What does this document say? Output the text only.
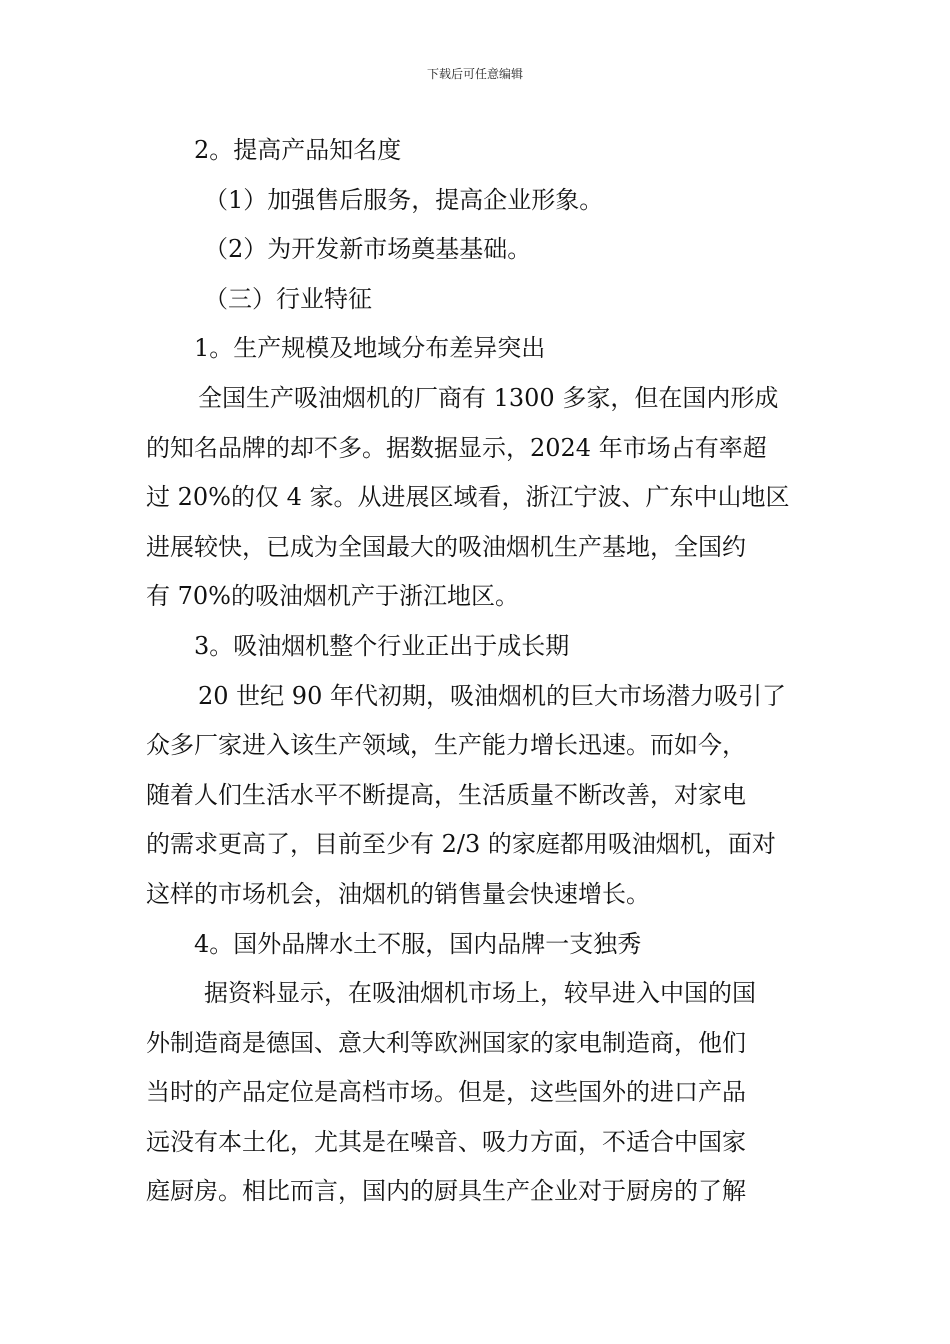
下载后可任意编辑
2。提高产品知名度
（1）加强售后服务，提高企业形象。
（2）为开发新市场奠基基础。
（三）行业特征
1。生产规模及地域分布差异突出
全国生产吸油烟机的厂商有 1300 多家，但在国内形成
的知名品牌的却不多。据数据显示，2024 年市场占有率超
过 20%的仅 4 家。从进展区域看，浙江宁波、广东中山地区
进展较快，已成为全国最大的吸油烟机生产基地，全国约
有 70%的吸油烟机产于浙江地区。
3。吸油烟机整个行业正出于成长期
20 世纪 90 年代初期，吸油烟机的巨大市场潜力吸引了
众多厂家进入该生产领域，生产能力增长迅速。而如今，
随着人们生活水平不断提高，生活质量不断改善，对家电
的需求更高了，目前至少有 2/3 的家庭都用吸油烟机，面对
这样的市场机会，油烟机的销售量会快速增长。
4。国外品牌水土不服，国内品牌一支独秀
据资料显示，在吸油烟机市场上，较早进入中国的国
外制造商是德国、意大利等欧洲国家的家电制造商，他们
当时的产品定位是高档市场。但是，这些国外的进口产品
远没有本土化，尤其是在噪音、吸力方面，不适合中国家
庭厨房。相比而言，国内的厨具生产企业对于厨房的了解
